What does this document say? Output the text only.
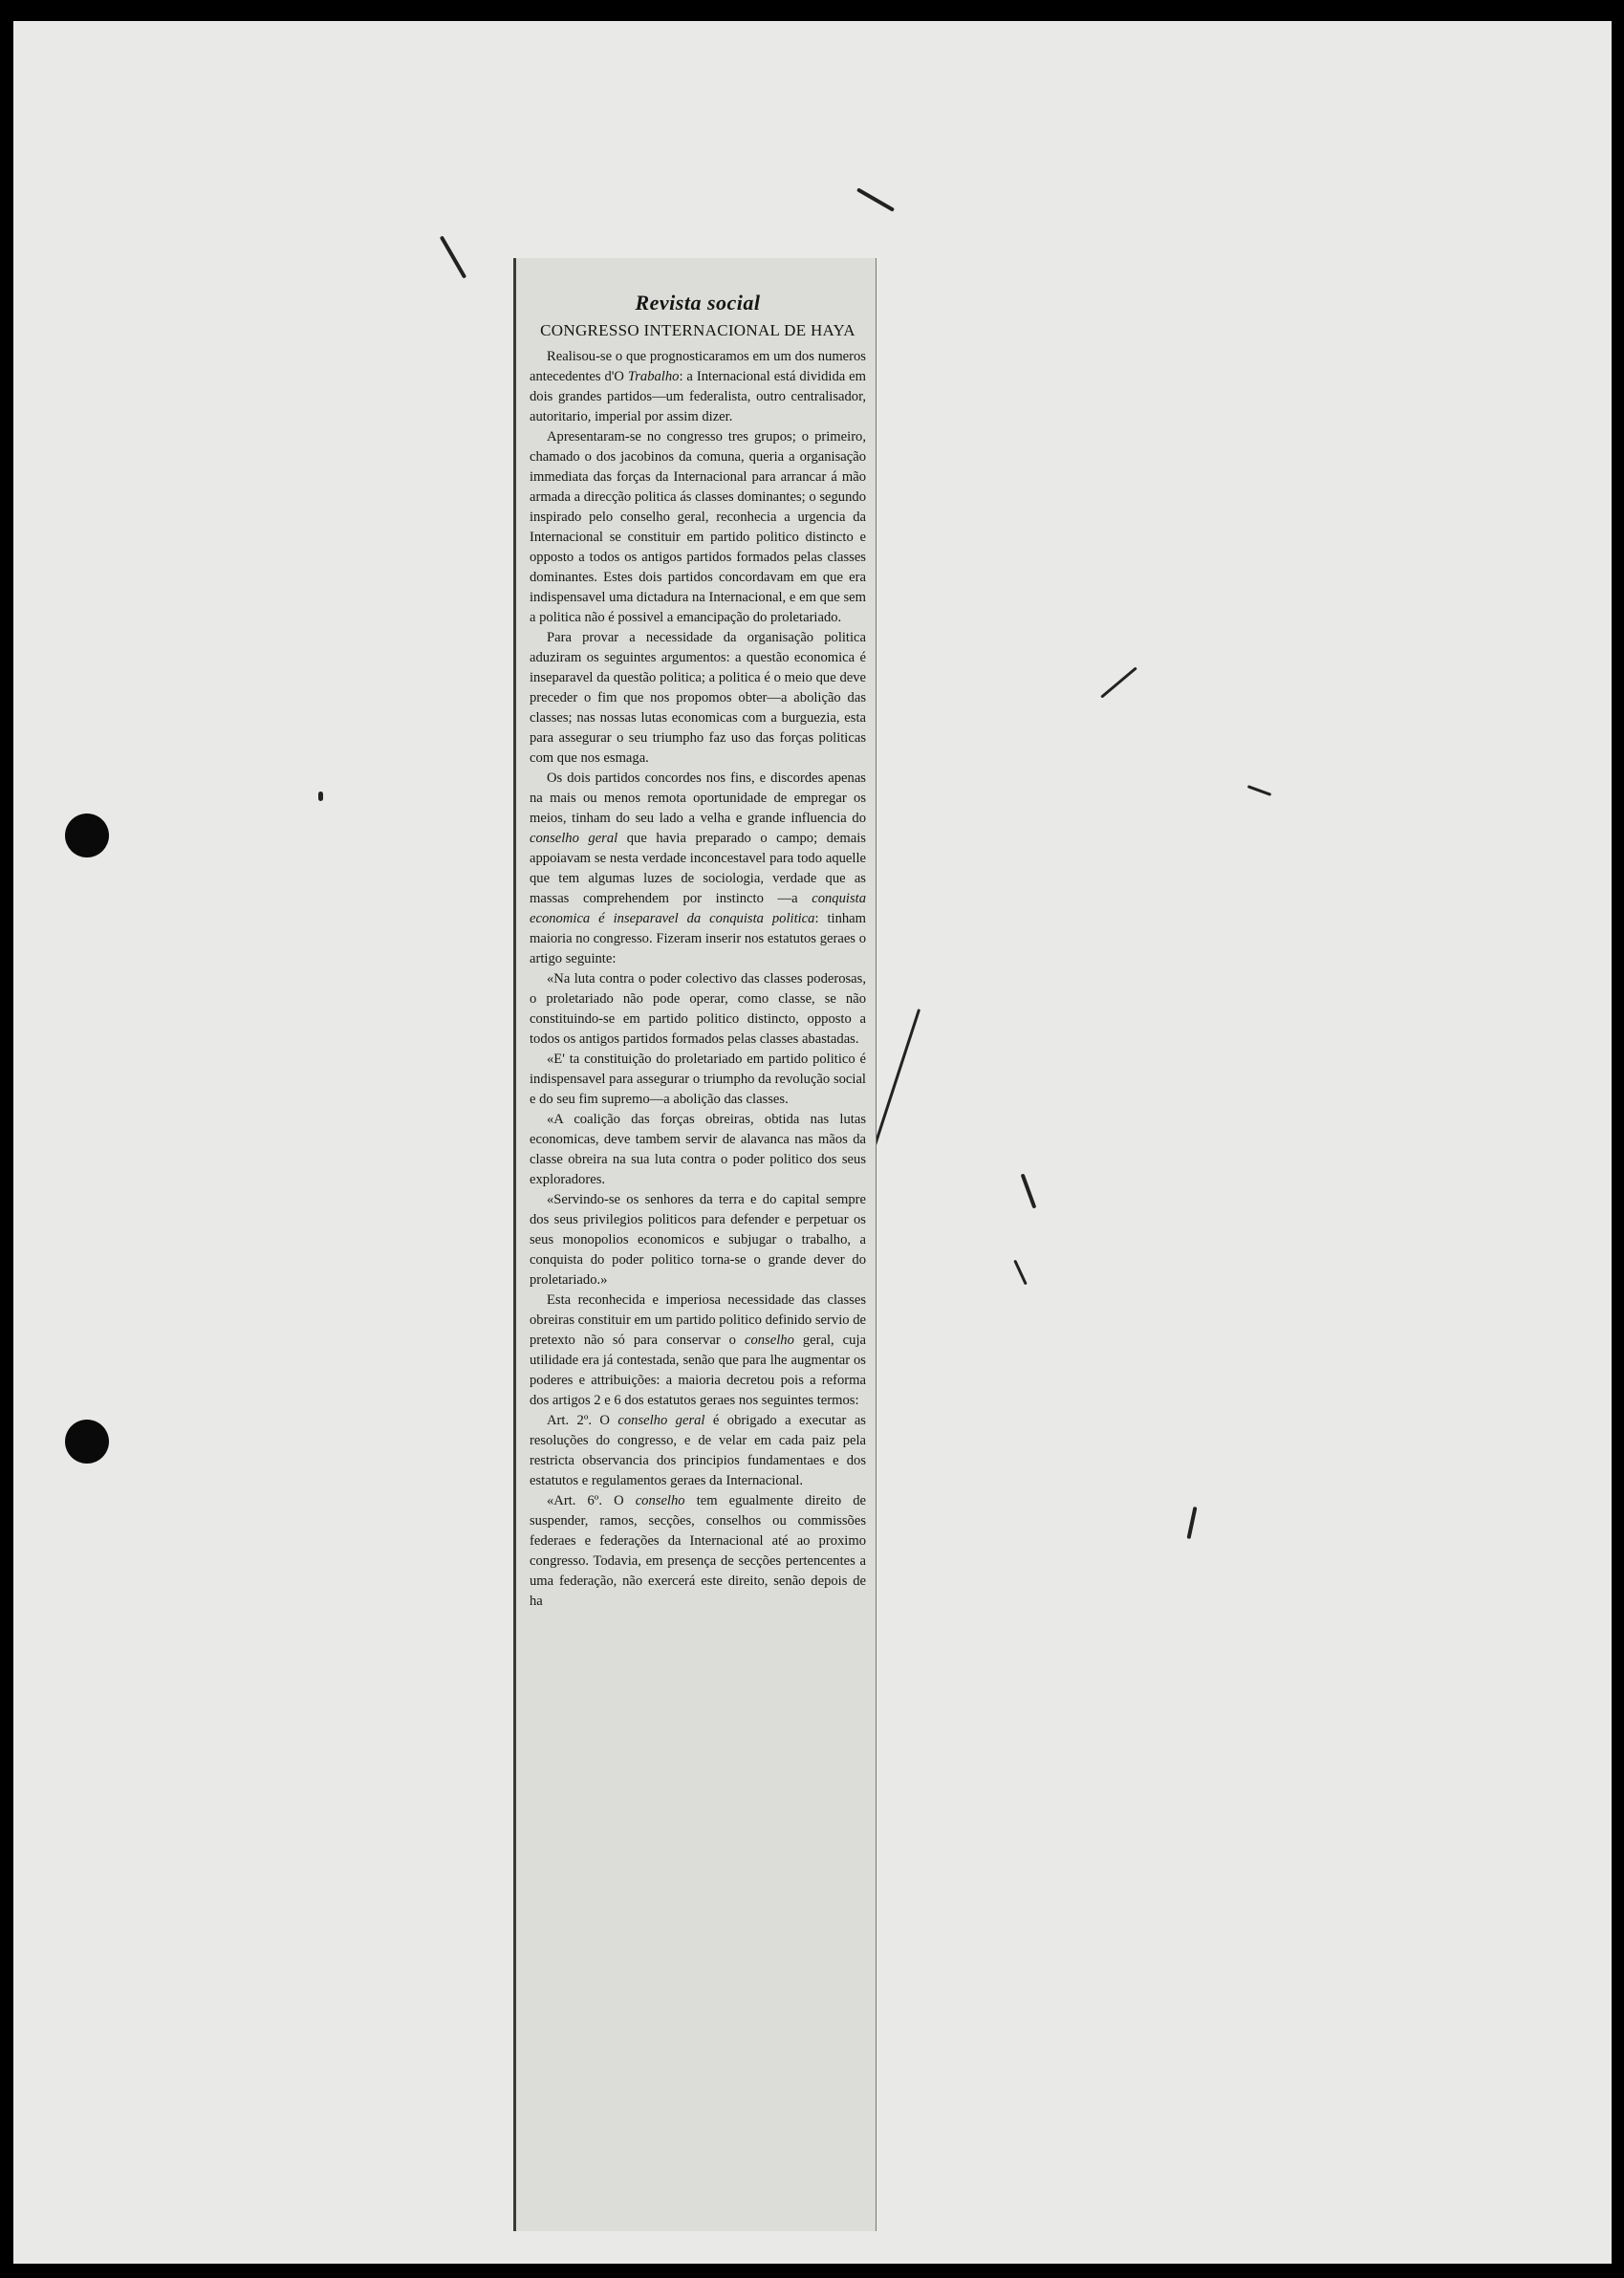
Revista social
CONGRESSO INTERNACIONAL DE HAYA

Realisou-se o que prognosticaramos em um dos numeros antecedentes d'O Trabalho: a Internacional está dividida em dois grandes partidos—um federalista, outro centralisador, autoritario, imperial por assim dizer.

Apresentaram-se no congresso tres grupos; o primeiro, chamado o dos jacobinos da comuna, queria a organisação immediata das forças da Internacional para arrancar á mão armada a direcção politica ás classes dominantes; o segundo inspirado pelo conselho geral, reconhecia a urgencia da Internacional se constituir em partido politico distincto e opposto a todos os antigos partidos formados pelas classes dominantes. Estes dois partidos concordavam em que era indispensavel uma dictadura na Internacional, e em que sem a politica não é possivel a emancipação do proletariado.

Para provar a necessidade da organisação politica aduziram os seguintes argumentos: a questão economica é inseparavel da questão politica; a politica é o meio que deve preceder o fim que nos propomos obter—a abolição das classes; nas nossas lutas economicas com a burguezia, esta para assegurar o seu triumpho faz uso das forças politicas com que nos esmaga.

Os dois partidos concordes nos fins, e discordes apenas na mais ou menos remota oportunidade de empregar os meios, tinham do seu lado a velha e grande influencia do conselho geral que havia preparado o campo; demais appoiavam se nesta verdade inconcestavel para todo aquelle que tem algumas luzes de sociologia, verdade que as massas comprehendem por instincto —a conquista economica é inseparavel da conquista politica: tinham maioria no congresso. Fizeram inserir nos estatutos geraes o artigo seguinte:

«Na luta contra o poder colectivo das classes poderosas, o proletariado não pode operar, como classe, se não constituindo-se em partido politico distincto, opposto a todos os antigos partidos formados pelas classes abastadas.

«E' ta constituição do proletariado em partido politico é indispensavel para assegurar o triumpho da revolução social e do seu fim supremo—a abolição das classes.

«A coalição das forças obreiras, obtida nas lutas economicas, deve tambem servir de alavanca nas mãos da classe obreira na sua luta contra o poder politico dos seus exploradores.

«Servindo-se os senhores da terra e do capital sempre dos seus privilegios politicos para defender e perpetuar os seus monopolios economicos e subjugar o trabalho, a conquista do poder politico torna-se o grande dever do proletariado.»

Esta reconhecida e imperiosa necessidade das classes obreiras constituir em um partido politico definido servio de pretexto não só para conservar o conselho geral, cuja utilidade era já contestada, senão que para lhe augmentar os poderes e attribuições: a maioria decretou pois a reforma dos artigos 2 e 6 dos estatutos geraes nos seguintes termos:

Art. 2º. O conselho geral é obrigado a executar as resoluções do congresso, e de velar em cada paiz pela restricta observancia dos principios fundamentaes e dos estatutos e regulamentos geraes da Internacional.

«Art. 6º. O conselho tem egualmente direito de suspender, ramos, secções, conselhos ou commissões federaes e federações da Internacional até ao proximo congresso. Todavia, em presença de secções pertencentes a uma federação, não exercerá este direito, senão depois de ha
